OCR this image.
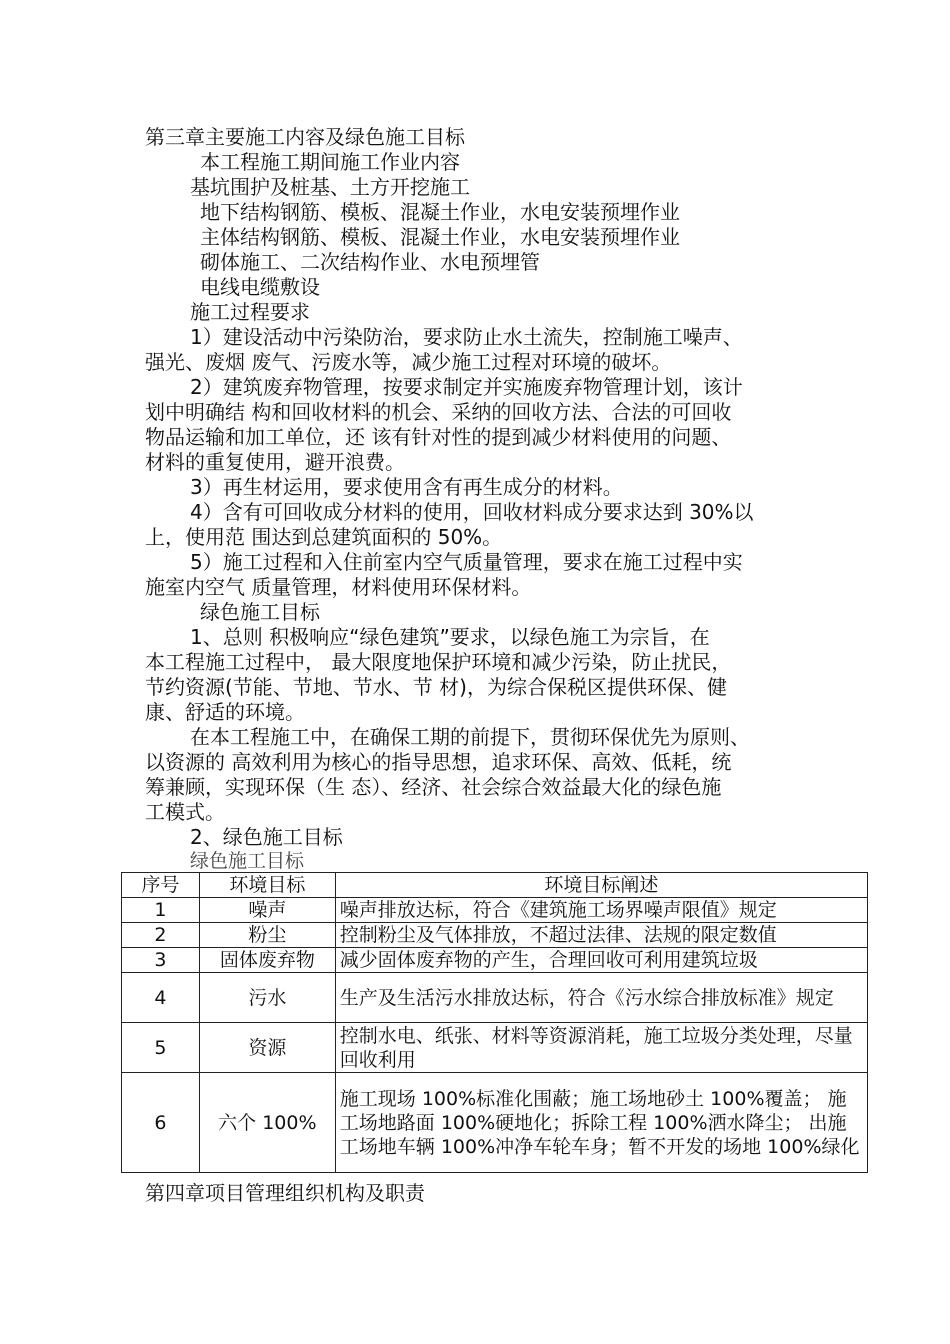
第三章主要施工内容及绿色施工目标
本工程施工期间施工作业内容
基坑围护及桩基、土方开挖施工
地下结构钢筋、模板、混凝土作业，水电安装预埋作业
主体结构钢筋、模板、混凝土作业，水电安装预埋作业
砌体施工、二次结构作业、水电预埋管
电线电缆敷设
施工过程要求
1）建设活动中污染防治，要求防止水土流失，控制施工噪声、
强光、废烟 废气、污废水等，减少施工过程对环境的破坏。
2）建筑废弃物管理，按要求制定并实施废弃物管理计划，该计
划中明确结 构和回收材料的机会、采纳的回收方法、合法的可回收
物品运输和加工单位，还 该有针对性的提到减少材料使用的问题、
材料的重复使用，避开浪费。
3）再生材运用，要求使用含有再生成分的材料。
4）含有可回收成分材料的使用，回收材料成分要求达到 30%以
上，使用范 围达到总建筑面积的 50%。
5）施工过程和入住前室内空气质量管理，要求在施工过程中实
施室内空气 质量管理，材料使用环保材料。
绿色施工目标
1、总则 积极响应“绿色建筑”要求，以绿色施工为宗旨，在
本工程施工过程中， 最大限度地保护环境和减少污染，防止扰民，
节约资源(节能、节地、节水、节 材)，为综合保税区提供环保、健
康、舒适的环境。
在本工程施工中，在确保工期的前提下，贯彻环保优先为原则、
以资源的 高效利用为核心的指导思想，追求环保、高效、低耗，统
筹兼顾，实现环保（生 态）、经济、社会综合效益最大化的绿色施
工模式。
2、绿色施工目标
绿色施工目标
序号	环境目标	环境目标阐述
1	噪声	噪声排放达标，符合《建筑施工场界噪声限值》规定
2	粉尘	控制粉尘及气体排放，不超过法律、法规的限定数值
3	固体废弃物	减少固体废弃物的产生，合理回收可利用建筑垃圾
4	污水	生产及生活污水排放达标，符合《污水综合排放标准》规定
5	资源	控制水电、纸张、材料等资源消耗，施工垃圾分类处理，尽量回收利用
6	六个 100%	施工现场 100%标准化围蔽；施工场地砂土 100%覆盖； 施工场地路面 100%硬地化；拆除工程 100%洒水降尘； 出施工场地车辆 100%冲净车轮车身；暂不开发的场地 100%绿化
第四章项目管理组织机构及职责
